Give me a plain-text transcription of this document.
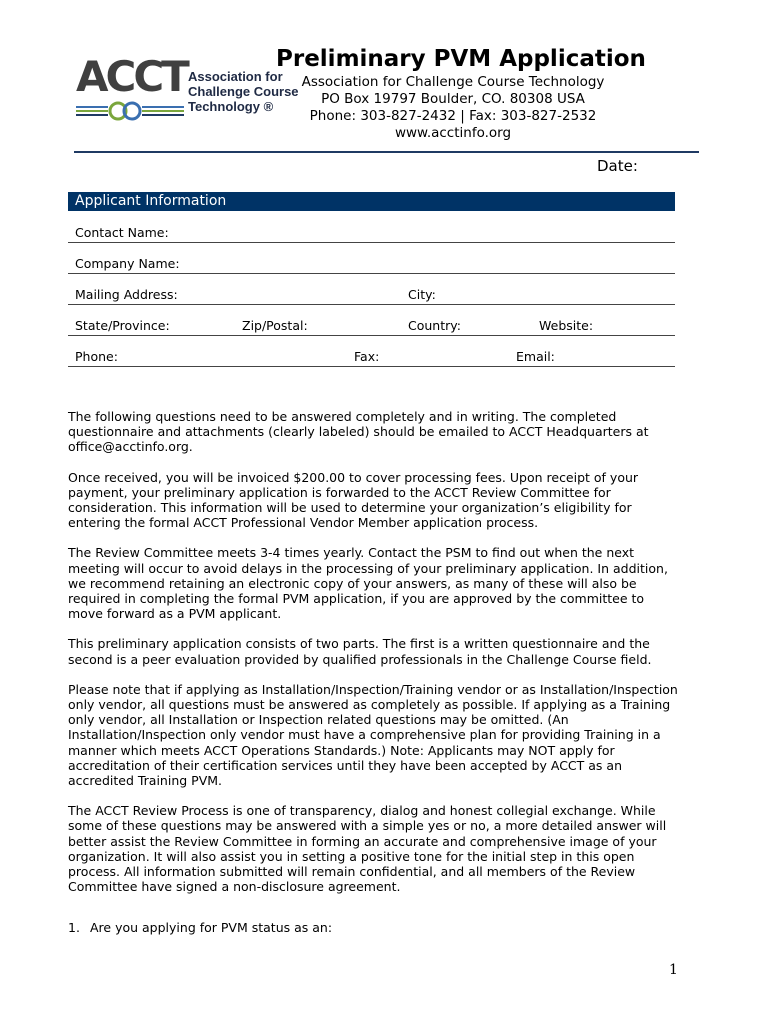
ACCT Association for
Challenge Course
Technology ®
Preliminary PVM Application
Association for Challenge Course Technology
PO Box 19797 Boulder, CO. 80308 USA
Phone: 303-827-2432 | Fax: 303-827-2532
www.acctinfo.org
Date:
Applicant Information
Contact Name:
Company Name:
Mailing Address:	City:
State/Province:	Zip/Postal:	Country:	Website:
Phone:	Fax:	Email:

The following questions need to be answered completely and in writing. The completed questionnaire and attachments (clearly labeled) should be emailed to ACCT Headquarters at office@acctinfo.org.

Once received, you will be invoiced $200.00 to cover processing fees. Upon receipt of your payment, your preliminary application is forwarded to the ACCT Review Committee for consideration. This information will be used to determine your organization’s eligibility for entering the formal ACCT Professional Vendor Member application process.

The Review Committee meets 3-4 times yearly. Contact the PSM to find out when the next meeting will occur to avoid delays in the processing of your preliminary application. In addition, we recommend retaining an electronic copy of your answers, as many of these will also be required in completing the formal PVM application, if you are approved by the committee to move forward as a PVM applicant.

This preliminary application consists of two parts. The first is a written questionnaire and the second is a peer evaluation provided by qualified professionals in the Challenge Course field.

Please note that if applying as Installation/Inspection/Training vendor or as Installation/Inspection only vendor, all questions must be answered as completely as possible. If applying as a Training only vendor, all Installation or Inspection related questions may be omitted. (An Installation/Inspection only vendor must have a comprehensive plan for providing Training in a manner which meets ACCT Operations Standards.) Note: Applicants may NOT apply for accreditation of their certification services until they have been accepted by ACCT as an accredited Training PVM.

The ACCT Review Process is one of transparency, dialog and honest collegial exchange. While some of these questions may be answered with a simple yes or no, a more detailed answer will better assist the Review Committee in forming an accurate and comprehensive image of your organization. It will also assist you in setting a positive tone for the initial step in this open process. All information submitted will remain confidential, and all members of the Review Committee have signed a non-disclosure agreement.

1. Are you applying for PVM status as an:
1
